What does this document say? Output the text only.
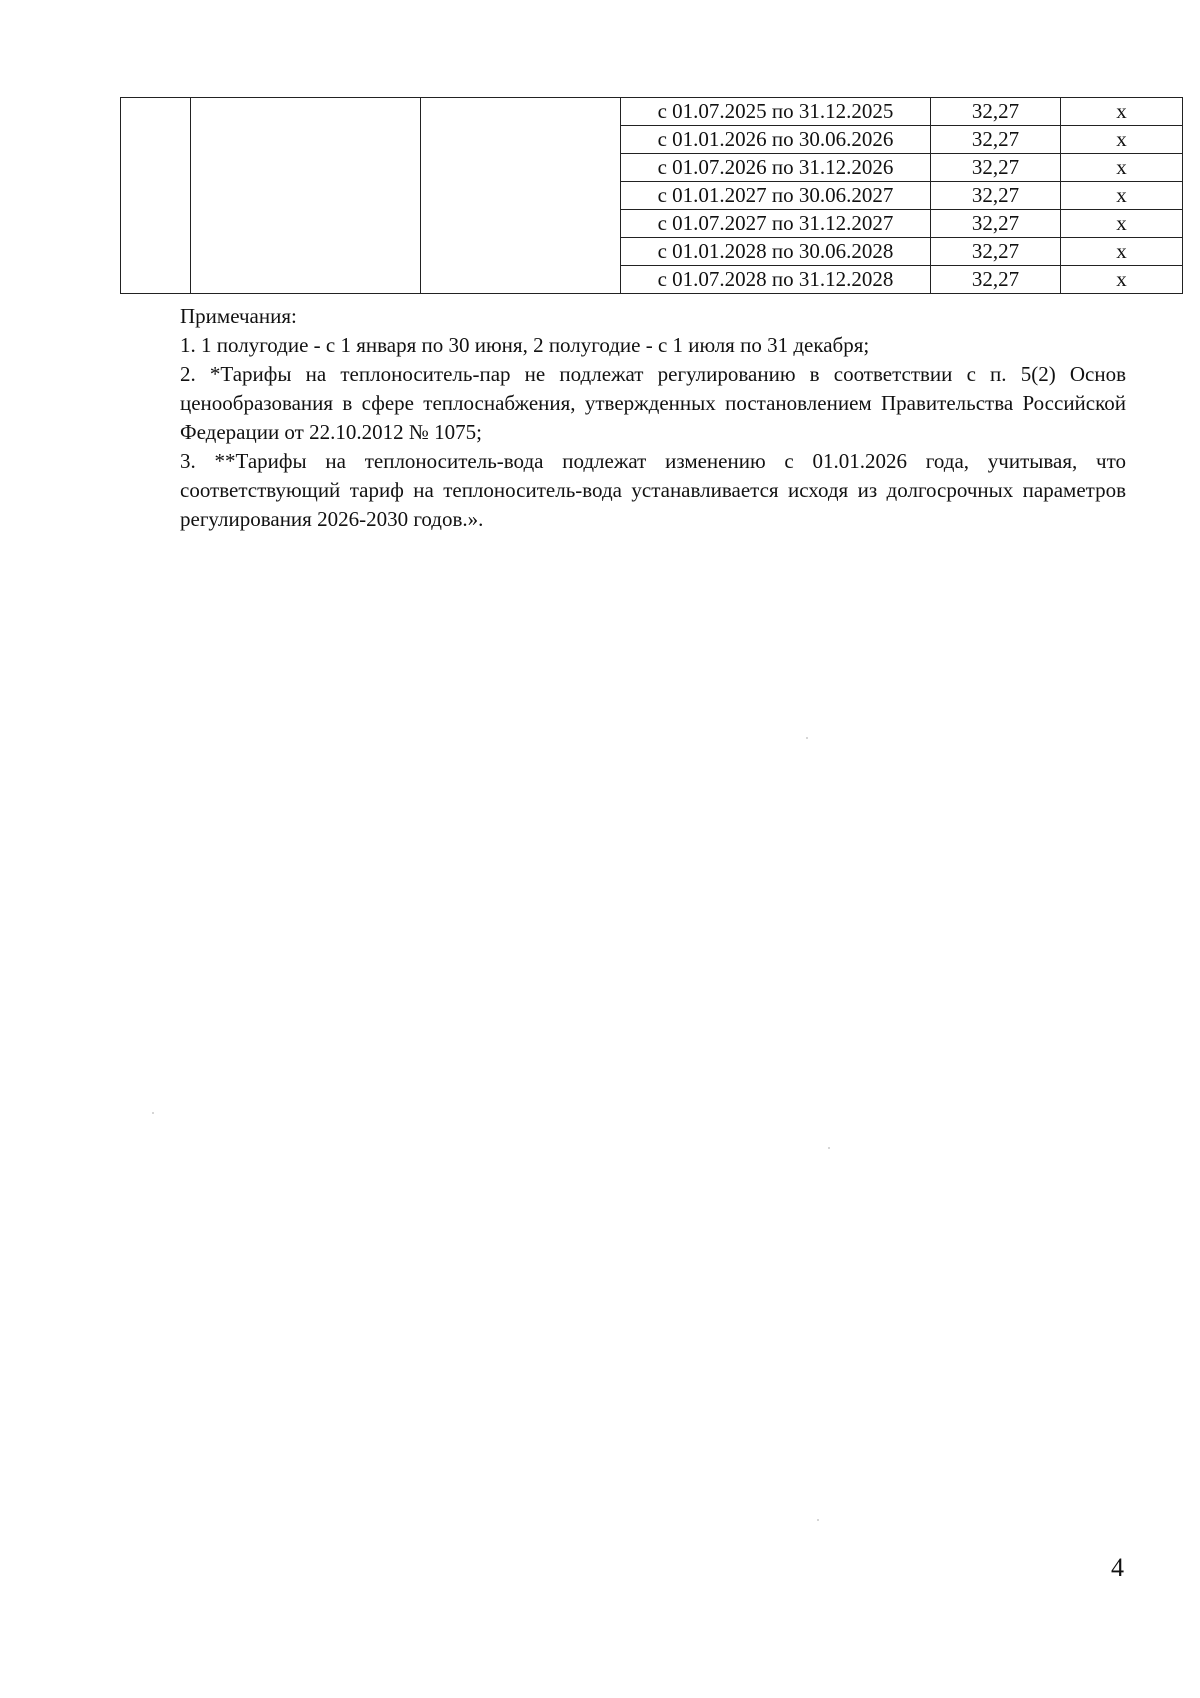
			с 01.07.2025 по 31.12.2025	32,27	x
			с 01.01.2026 по 30.06.2026	32,27	x
			с 01.07.2026 по 31.12.2026	32,27	x
			с 01.01.2027 по 30.06.2027	32,27	x
			с 01.07.2027 по 31.12.2027	32,27	x
			с 01.01.2028 по 30.06.2028	32,27	x
			с 01.07.2028 по 31.12.2028	32,27	x

Примечания:

1. 1 полугодие - с 1 января по 30 июня, 2 полугодие - с 1 июля по 31 декабря;

2. *Тарифы на теплоноситель-пар не подлежат регулированию в соответствии с п. 5(2) Основ ценообразования в сфере теплоснабжения, утвержденных постановлением Правительства Российской Федерации от 22.10.2012 № 1075;

3. **Тарифы на теплоноситель-вода подлежат изменению с 01.01.2026 года, учитывая, что соответствующий тариф на теплоноситель-вода устанавливается исходя из долгосрочных параметров регулирования 2026-2030 годов.».

4
